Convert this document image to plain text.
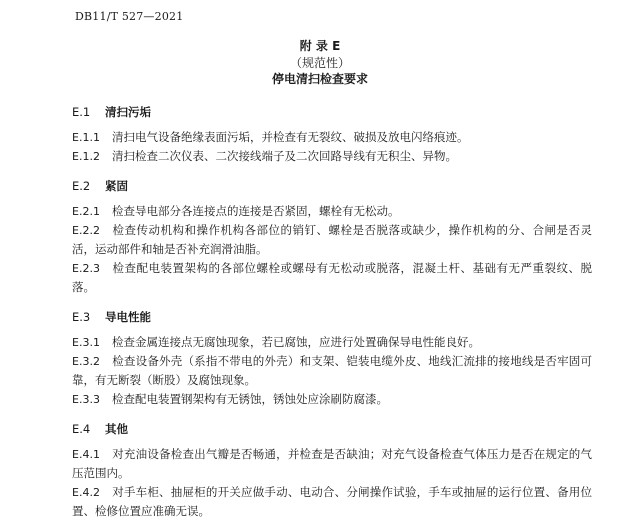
DB11/T 527—2021
附 录 E
（规范性）
停电清扫检查要求
E.1 清扫污垢

E.1.1 清扫电气设备绝缘表面污垢，并检查有无裂纹、破损及放电闪络痕迹。

E.1.2 清扫检查二次仪表、二次接线端子及二次回路导线有无积尘、异物。

E.2 紧固

E.2.1 检查导电部分各连接点的连接是否紧固，螺栓有无松动。

E.2.2 检查传动机构和操作机构各部位的销钉、螺栓是否脱落或缺少，操作机构的分、合闸是否灵活，运动部件和轴是否补充润滑油脂。

E.2.3 检查配电装置架构的各部位螺栓或螺母有无松动或脱落，混凝土杆、基础有无严重裂纹、脱落。

E.3 导电性能

E.3.1 检查金属连接点无腐蚀现象，若已腐蚀，应进行处置确保导电性能良好。

E.3.2 检查设备外壳（系指不带电的外壳）和支架、铠装电缆外皮、地线汇流排的接地线是否牢固可靠，有无断裂（断股）及腐蚀现象。

E.3.3 检查配电装置钢架构有无锈蚀，锈蚀处应涂刷防腐漆。

E.4 其他

E.4.1 对充油设备检查出气瓣是否畅通，并检查是否缺油；对充气设备检查气体压力是否在规定的气压范围内。

E.4.2 对手车柜、抽屉柜的开关应做手动、电动合、分闸操作试验，手车或抽屉的运行位置、备用位置、检修位置应准确无误。
